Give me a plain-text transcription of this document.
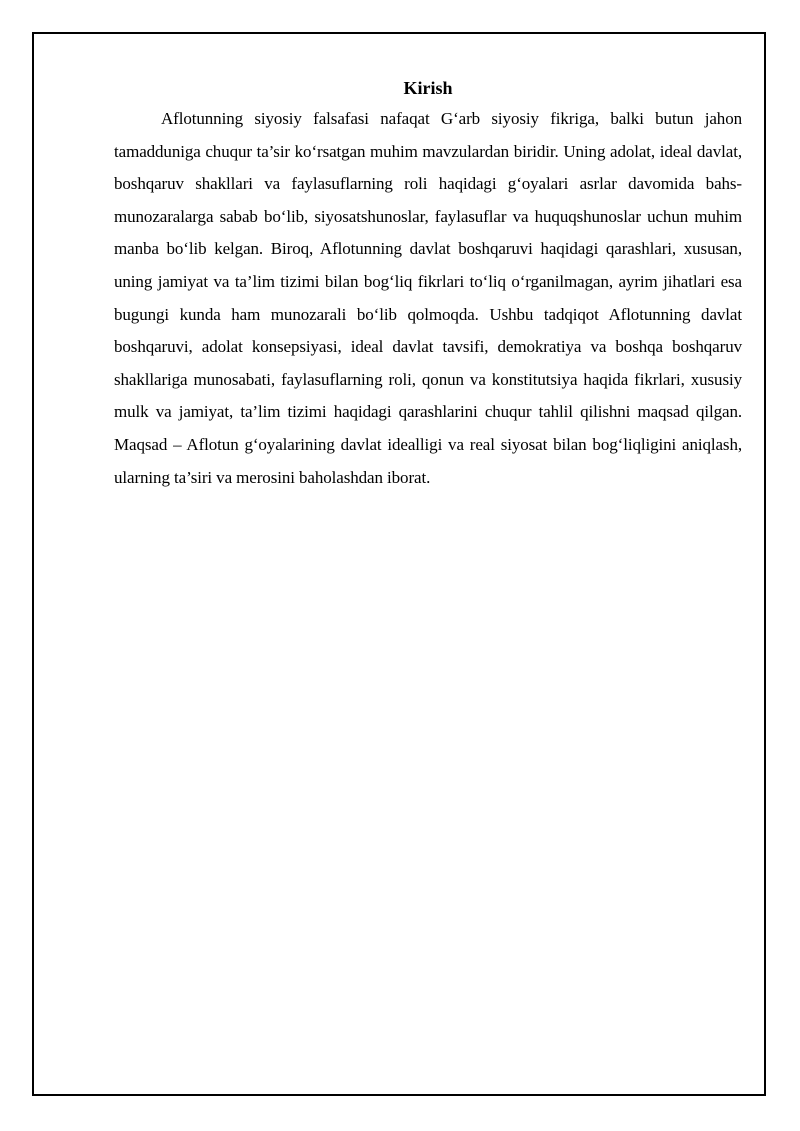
Kirish

Aflotunning siyosiy falsafasi nafaqat G‘arb siyosiy fikriga, balki butun jahon tamadduniga chuqur ta’sir ko‘rsatgan muhim mavzulardan biridir. Uning adolat, ideal davlat, boshqaruv shakllari va faylasuflarning roli haqidagi g‘oyalari asrlar davomida bahs-munozaralarga sabab bo‘lib, siyosatshunoslar, faylasuflar va huquqshunoslar uchun muhim manba bo‘lib kelgan. Biroq, Aflotunning davlat boshqaruvi haqidagi qarashlari, xususan, uning jamiyat va ta’lim tizimi bilan bog‘liq fikrlari to‘liq o‘rganilmagan, ayrim jihatlari esa bugungi kunda ham munozarali bo‘lib qolmoqda. Ushbu tadqiqot Aflotunning davlat boshqaruvi, adolat konsepsiyasi, ideal davlat tavsifi, demokratiya va boshqa boshqaruv shakllariga munosabati, faylasuflarning roli, qonun va konstitutsiya haqida fikrlari, xususiy mulk va jamiyat, ta’lim tizimi haqidagi qarashlarini chuqur tahlil qilishni maqsad qilgan. Maqsad – Aflotun g‘oyalarining davlat idealligi va real siyosat bilan bog‘liqligini aniqlash, ularning ta’siri va merosini baholashdan iborat.
